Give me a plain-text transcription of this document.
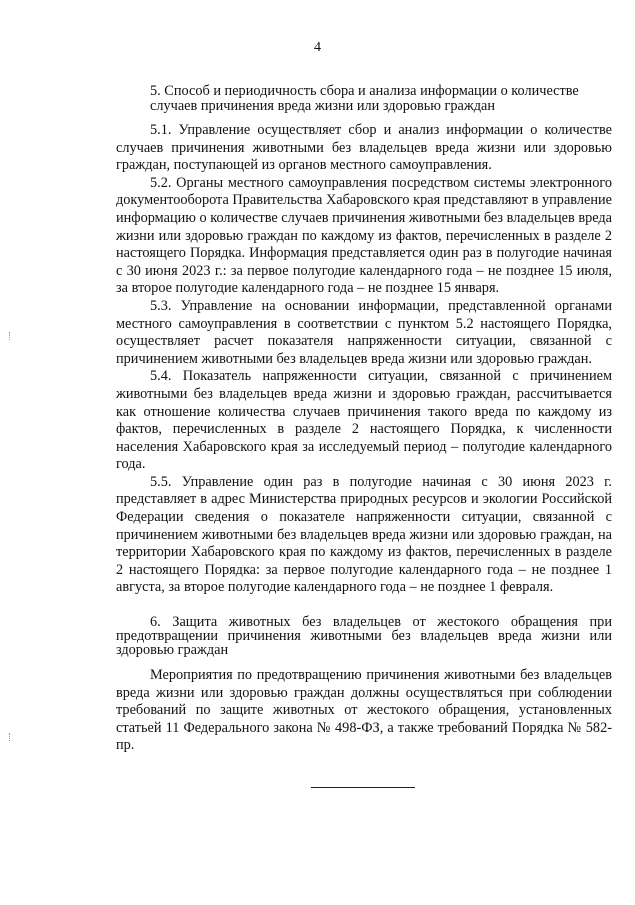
4
5. Способ и периодичность сбора и анализа информации о количестве
случаев причинения вреда жизни или здоровью граждан

5.1. Управление осуществляет сбор и анализ информации о количестве случаев причинения животными без владельцев вреда жизни или здоровью граждан, поступающей из органов местного самоуправления.

5.2. Органы местного самоуправления посредством системы электронного документооборота Правительства Хабаровского края представляют в управление информацию о количестве случаев причинения животными без владельцев вреда жизни или здоровью граждан по каждому из фактов, перечисленных в разделе 2 настоящего Порядка. Информация представляется один раз в полугодие начиная с 30 июня 2023 г.: за первое полугодие календарного года – не позднее 15 июля, за второе полугодие календарного года – не позднее 15 января.

5.3. Управление на основании информации, представленной органами местного самоуправления в соответствии с пунктом 5.2 настоящего Порядка, осуществляет расчет показателя напряженности ситуации, связанной с причинением животными без владельцев вреда жизни или здоровью граждан.

5.4. Показатель напряженности ситуации, связанной с причинением животными без владельцев вреда жизни и здоровью граждан, рассчитывается как отношение количества случаев причинения такого вреда по каждому из фактов, перечисленных в разделе 2 настоящего Порядка, к численности населения Хабаровского края за исследуемый период – полугодие календарного года.

5.5. Управление один раз в полугодие начиная с 30 июня 2023 г. представляет в адрес Министерства природных ресурсов и экологии Российской Федерации сведения о показателе напряженности ситуации, связанной с причинением животными без владельцев вреда жизни или здоровью граждан, на территории Хабаровского края по каждому из фактов, перечисленных в разделе 2 настоящего Порядка: за первое полугодие календарного года – не позднее 1 августа, за второе полугодие календарного года – не позднее 1 февраля.

6. Защита животных без владельцев от жестокого обращения при предотвращении причинения животными без владельцев вреда жизни или здоровью граждан

Мероприятия по предотвращению причинения животными без владельцев вреда жизни или здоровью граждан должны осуществляться при соблюдении требований по защите животных от жестокого обращения, установленных статьей 11 Федерального закона № 498-ФЗ, а также требований Порядка № 582-пр.
